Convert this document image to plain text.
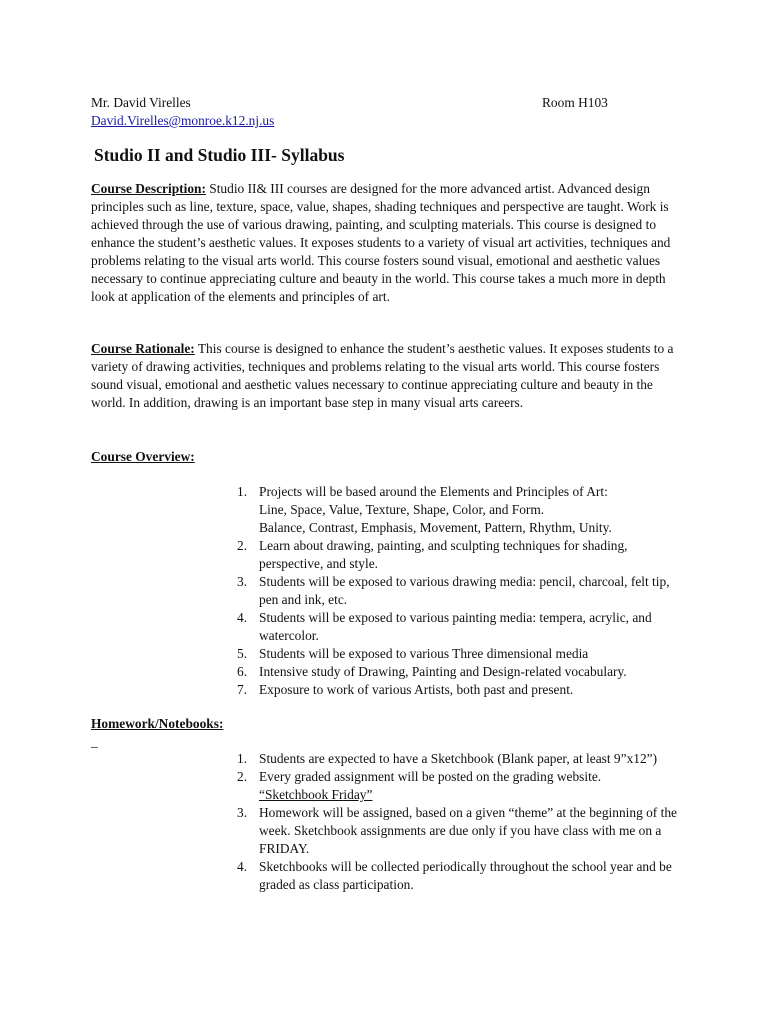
Mr. David Virelles	Room H103
David.Virelles@monroe.k12.nj.us
Studio II and Studio III- Syllabus
Course Description: Studio II& III courses are designed for the more advanced artist. Advanced design principles such as line, texture, space, value, shapes, shading techniques and perspective are taught. Work is achieved through the use of various drawing, painting, and sculpting materials. This course is designed to enhance the student’s aesthetic values. It exposes students to a variety of visual art activities, techniques and problems relating to the visual arts world. This course fosters sound visual, emotional and aesthetic values necessary to continue appreciating culture and beauty in the world. This course takes a much more in depth look at application of the elements and principles of art.
Course Rationale: This course is designed to enhance the student’s aesthetic values. It exposes students to a variety of drawing activities, techniques and problems relating to the visual arts world. This course fosters sound visual, emotional and aesthetic values necessary to continue appreciating culture and beauty in the world. In addition, drawing is an important base step in many visual arts careers.
Course Overview:
1. Projects will be based around the Elements and Principles of Art:
Line, Space, Value, Texture, Shape, Color, and Form.
Balance, Contrast, Emphasis, Movement, Pattern, Rhythm, Unity.
2. Learn about drawing, painting, and sculpting techniques for shading, perspective, and style.
3. Students will be exposed to various drawing media: pencil, charcoal, felt tip, pen and ink, etc.
4. Students will be exposed to various painting media: tempera, acrylic, and watercolor.
5. Students will be exposed to various Three dimensional media
6. Intensive study of Drawing, Painting and Design-related vocabulary.
7. Exposure to work of various Artists, both past and present.
Homework/Notebooks:
_
1. Students are expected to have a Sketchbook (Blank paper, at least 9”x12”)
2. Every graded assignment will be posted on the grading website.
“Sketchbook Friday”
3. Homework will be assigned, based on a given “theme” at the beginning of the week. Sketchbook assignments are due only if you have class with me on a FRIDAY.
4. Sketchbooks will be collected periodically throughout the school year and be graded as class participation.
